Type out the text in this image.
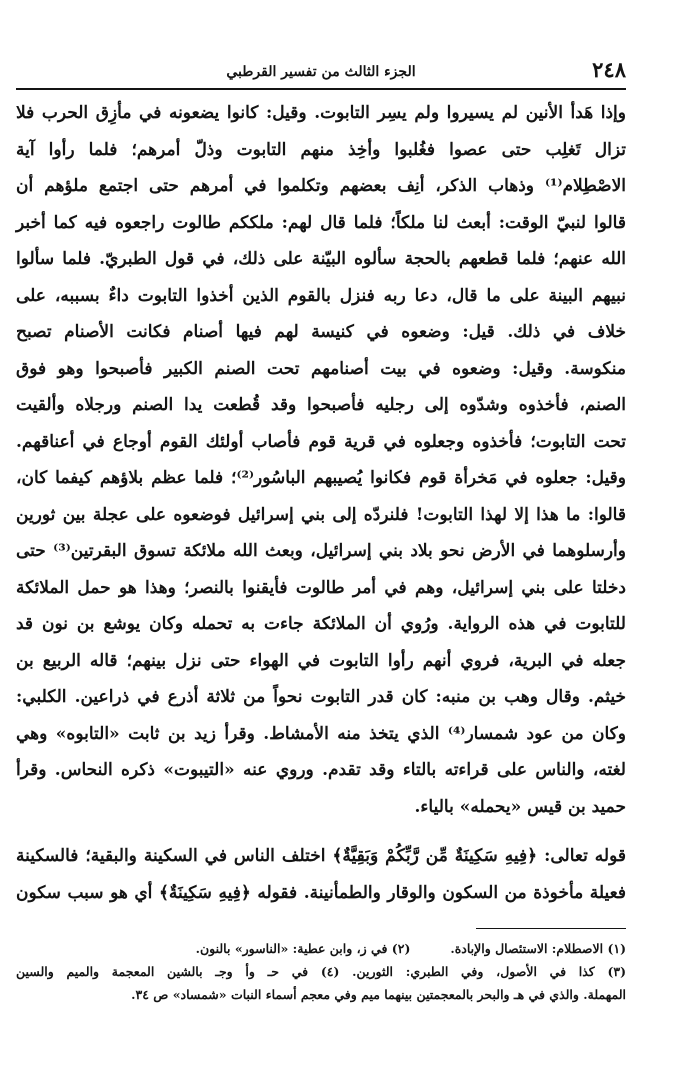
٢٤٨
الجزء الثالث من تفسير القرطبي
وإذا هَدأ الأنين لم يسيروا ولم يسِر التابوت. وقيل: كانوا يضعونه في مأزِق الحرب فلا
تزال تَغلِب حتى عصوا فغُلبوا وأخِذ منهم التابوت وذلّ أمرهم؛ فلما رأوا آية
الاصْطِلام⁽¹⁾ وذهاب الذكر، أنِف بعضهم وتكلموا في أمرهم حتى اجتمع ملؤهم أن
قالوا لنبيّ الوقت: أبعث لنا ملكاً؛ فلما قال لهم: ملككم طالوت راجعوه فيه كما أخبر
الله عنهم؛ فلما قطعهم بالحجة سألوه البيّنة على ذلك، في قول الطبريّ. فلما سألوا
نبيهم البينة على ما قال، دعا ربه فنزل بالقوم الذين أخذوا التابوت داءٌ بسببه، على
خلاف في ذلك. قيل: وضعوه في كنيسة لهم فيها أصنام فكانت الأصنام تصبح
منكوسة. وقيل: وضعوه في بيت أصنامهم تحت الصنم الكبير فأصبحوا وهو فوق
الصنم، فأخذوه وشدّوه إلى رجليه فأصبحوا وقد قُطعت يدا الصنم ورجلاه وألقيت
تحت التابوت؛ فأخذوه وجعلوه في قرية قوم فأصاب أولئك القوم أوجاع في أعناقهم.
وقيل: جعلوه في مَخرأة قوم فكانوا يُصيبهم الباسُور⁽²⁾؛ فلما عظم بلاؤهم كيفما كان،
قالوا: ما هذا إلا لهذا التابوت! فلنردّه إلى بني إسرائيل فوضعوه على عجلة بين ثورين
وأرسلوهما في الأرض نحو بلاد بني إسرائيل، وبعث الله ملائكة تسوق البقرتين⁽³⁾ حتى
دخلتا على بني إسرائيل، وهم في أمر طالوت فأيقنوا بالنصر؛ وهذا هو حمل الملائكة
للتابوت في هذه الرواية. ورُوي أن الملائكة جاءت به تحمله وكان يوشع بن نون قد
جعله في البرية، فروي أنهم رأوا التابوت في الهواء حتى نزل بينهم؛ قاله الربيع بن
خيثم. وقال وهب بن منبه: كان قدر التابوت نحواً من ثلاثة أذرع في ذراعين. الكلبي:
وكان من عود شمسار⁽⁴⁾ الذي يتخذ منه الأمشاط. وقرأ زيد بن ثابت «التابوه» وهي
لغته، والناس على قراءته بالتاء وقد تقدم. وروي عنه «التيبوت» ذكره النحاس. وقرأ
حميد بن قيس «يحمله» بالياء.
قوله تعالى: ﴿فِيهِ سَكِينَةٌ مِّن رَّبِّكُمْ وَبَقِيَّةٌ﴾ اختلف الناس في السكينة والبقية؛ فالسكينة
فعيلة مأخوذة من السكون والوقار والطمأنينة. فقوله ﴿فِيهِ سَكِينَةٌ﴾ أي هو سبب سكون
(١) الاصطلام: الاستئصال والإبادة.(٢) في ز، وابن عطية: «الناسور» بالنون.
(٣) كذا في الأصول، وفي الطبري: الثورين. (٤) في حـ وأ وجـ بالشين المعجمة والميم والسين
المهملة. والذي في هـ والبحر بالمعجمتين بينهما ميم وفي معجم أسماء النبات «شمساد» ص ٣٤.
